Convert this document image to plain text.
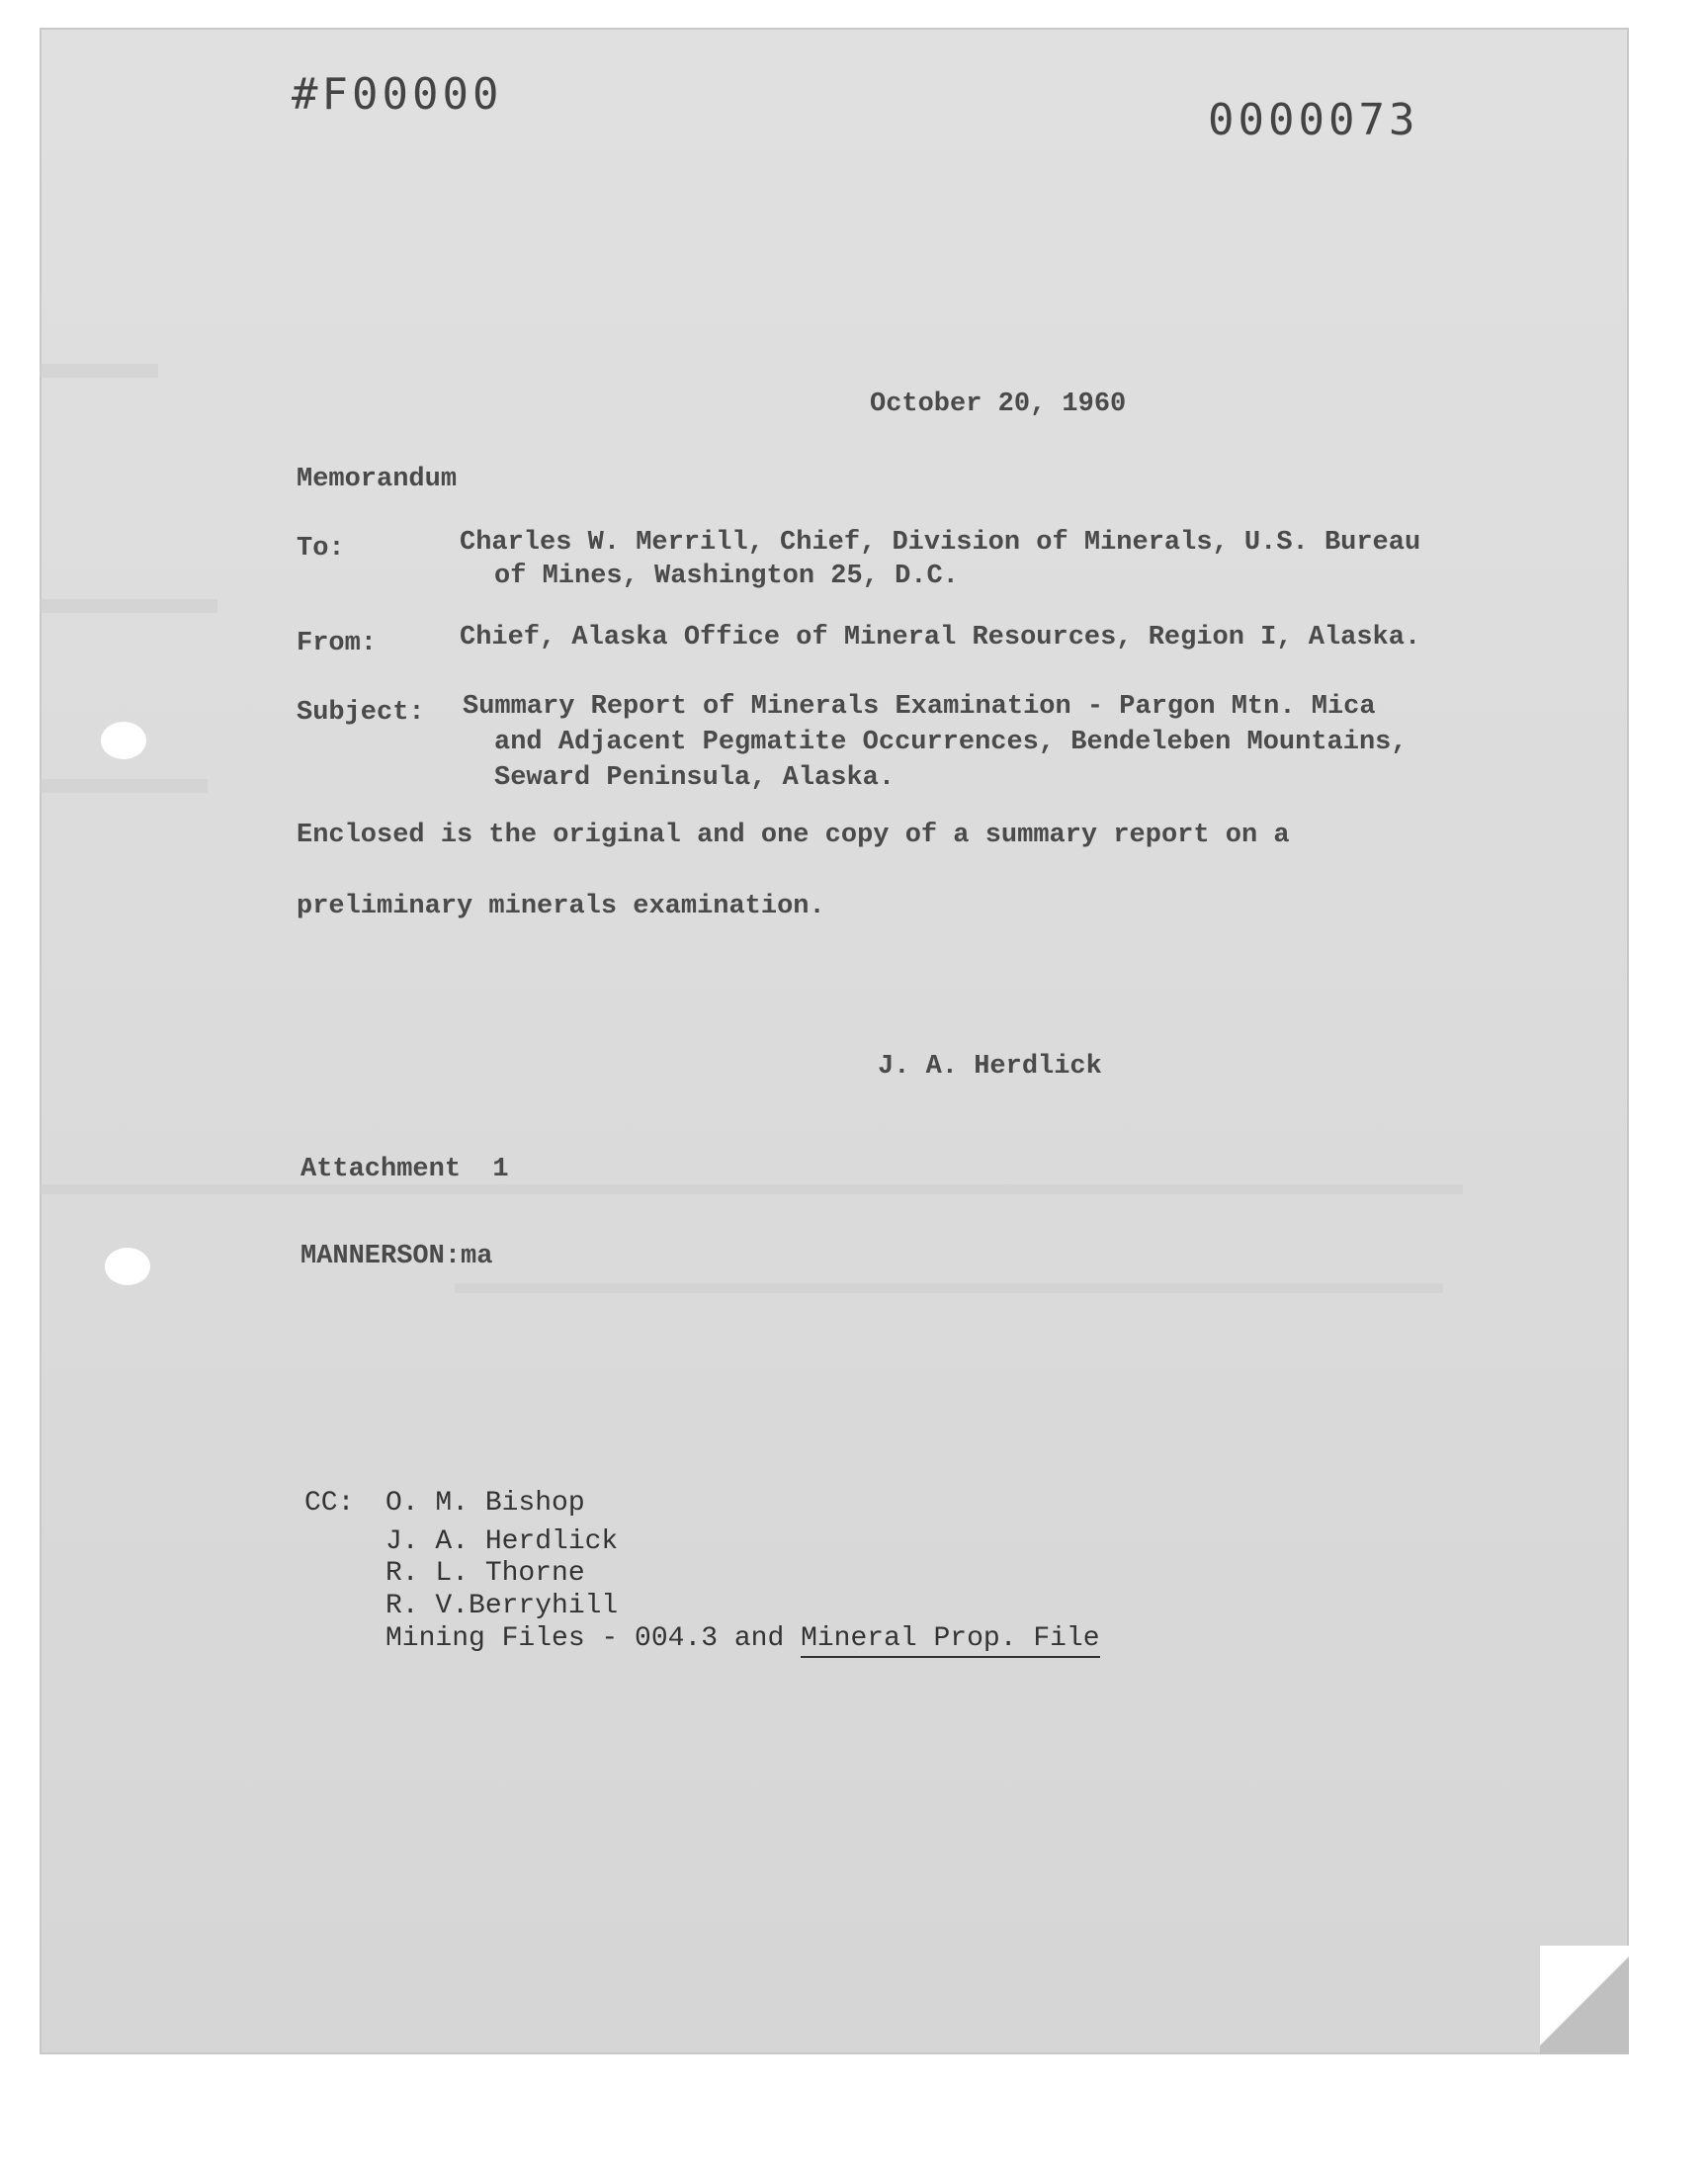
#F00000
0000073
October 20, 1960
Memorandum
To:	Charles W. Merrill, Chief, Division of Minerals, U.S. Bureau
of Mines, Washington 25, D.C.
From:	Chief, Alaska Office of Mineral Resources, Region I, Alaska.
Subject: Summary Report of Minerals Examination - Pargon Mtn. Mica
and Adjacent Pegmatite Occurrences, Bendeleben Mountains,
Seward Peninsula, Alaska.
Enclosed is the original and one copy of a summary report on a
preliminary minerals examination.
J. A. Herdlick
Attachment  1
MANNERSON:ma
CC: O. M. Bishop
J. A. Herdlick
R. L. Thorne
R. V.Berryhill
Mining Files - 004.3 and Mineral Prop. File
